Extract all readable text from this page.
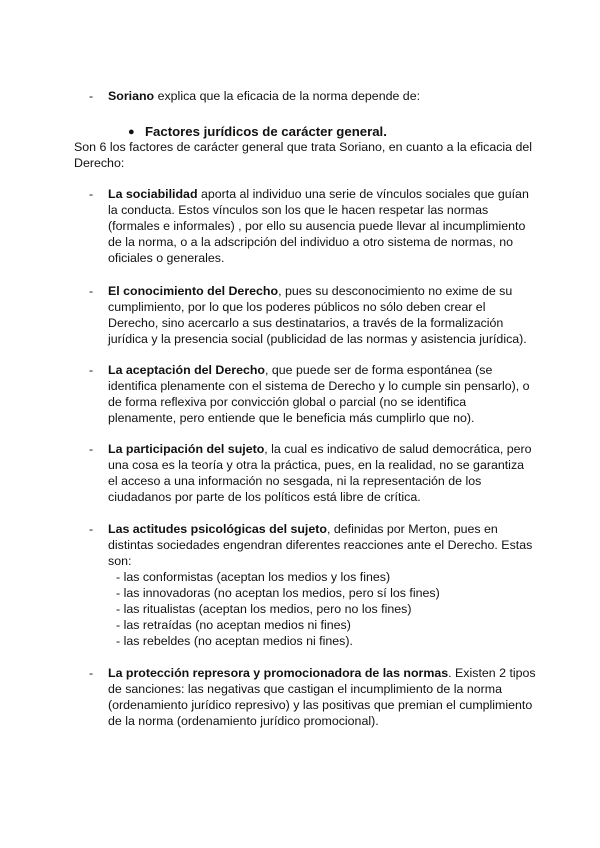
- Soriano explica que la eficacia de la norma depende de:
● Factores jurídicos de carácter general.
Son 6 los factores de carácter general que trata Soriano, en cuanto a la eficacia del
Derecho:
- La sociabilidad aporta al individuo una serie de vínculos sociales que guían
la conducta. Estos vínculos son los que le hacen respetar las normas
(formales e informales) , por ello su ausencia puede llevar al incumplimiento
de la norma, o a la adscripción del individuo a otro sistema de normas, no
oficiales o generales.
- El conocimiento del Derecho, pues su desconocimiento no exime de su
cumplimiento, por lo que los poderes públicos no sólo deben crear el
Derecho, sino acercarlo a sus destinatarios, a través de la formalización
jurídica y la presencia social (publicidad de las normas y asistencia jurídica).
- La aceptación del Derecho, que puede ser de forma espontánea (se
identifica plenamente con el sistema de Derecho y lo cumple sin pensarlo), o
de forma reflexiva por convicción global o parcial (no se identifica
plenamente, pero entiende que le beneficia más cumplirlo que no).
- La participación del sujeto, la cual es indicativo de salud democrática, pero
una cosa es la teoría y otra la práctica, pues, en la realidad, no se garantiza
el acceso a una información no sesgada, ni la representación de los
ciudadanos por parte de los políticos está libre de crítica.
- Las actitudes psicológicas del sujeto, definidas por Merton, pues en
distintas sociedades engendran diferentes reacciones ante el Derecho. Estas
son:
- las conformistas (aceptan los medios y los fines)
- las innovadoras (no aceptan los medios, pero sí los fines)
- las ritualistas (aceptan los medios, pero no los fines)
- las retraídas (no aceptan medios ni fines)
- las rebeldes (no aceptan medios ni fines).
- La protección represora y promocionadora de las normas. Existen 2 tipos
de sanciones: las negativas que castigan el incumplimiento de la norma
(ordenamiento jurídico represivo) y las positivas que premian el cumplimiento
de la norma (ordenamiento jurídico promocional).
